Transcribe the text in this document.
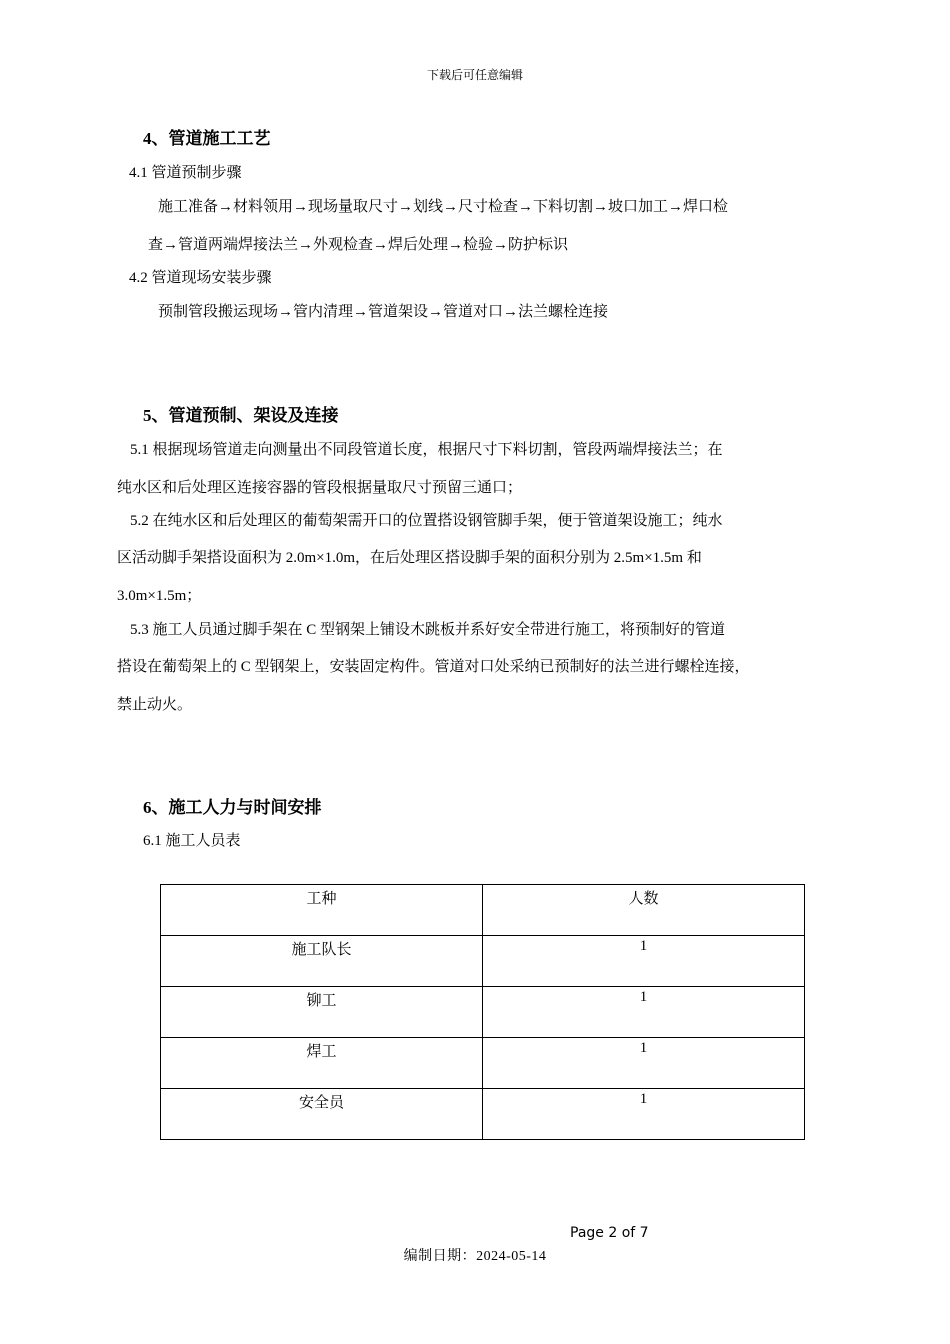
下载后可任意编辑
4、管道施工工艺
4.1 管道预制步骤
施工准备→材料领用→现场量取尺寸→划线→尺寸检查→下料切割→坡口加工→焊口检
查→管道两端焊接法兰→外观检查→焊后处理→检验→防护标识
4.2 管道现场安装步骤
预制管段搬运现场→管内清理→管道架设→管道对口→法兰螺栓连接
5、管道预制、架设及连接
5.1 根据现场管道走向测量出不同段管道长度，根据尺寸下料切割，管段两端焊接法兰；在
纯水区和后处理区连接容器的管段根据量取尺寸预留三通口；
5.2 在纯水区和后处理区的葡萄架需开口的位置搭设钢管脚手架，便于管道架设施工；纯水
区活动脚手架搭设面积为 2.0m×1.0m，在后处理区搭设脚手架的面积分别为 2.5m×1.5m 和
3.0m×1.5m；
5.3 施工人员通过脚手架在 C 型钢架上铺设木跳板并系好安全带进行施工，将预制好的管道
搭设在葡萄架上的 C 型钢架上，安装固定构件。管道对口处采纳已预制好的法兰进行螺栓连接，
禁止动火。
6、施工人力与时间安排
6.1 施工人员表
工种	人数
施工队长	1
铆工	1
焊工	1
安全员	1
Page 2 of 7
编制日期：2024-05-14
